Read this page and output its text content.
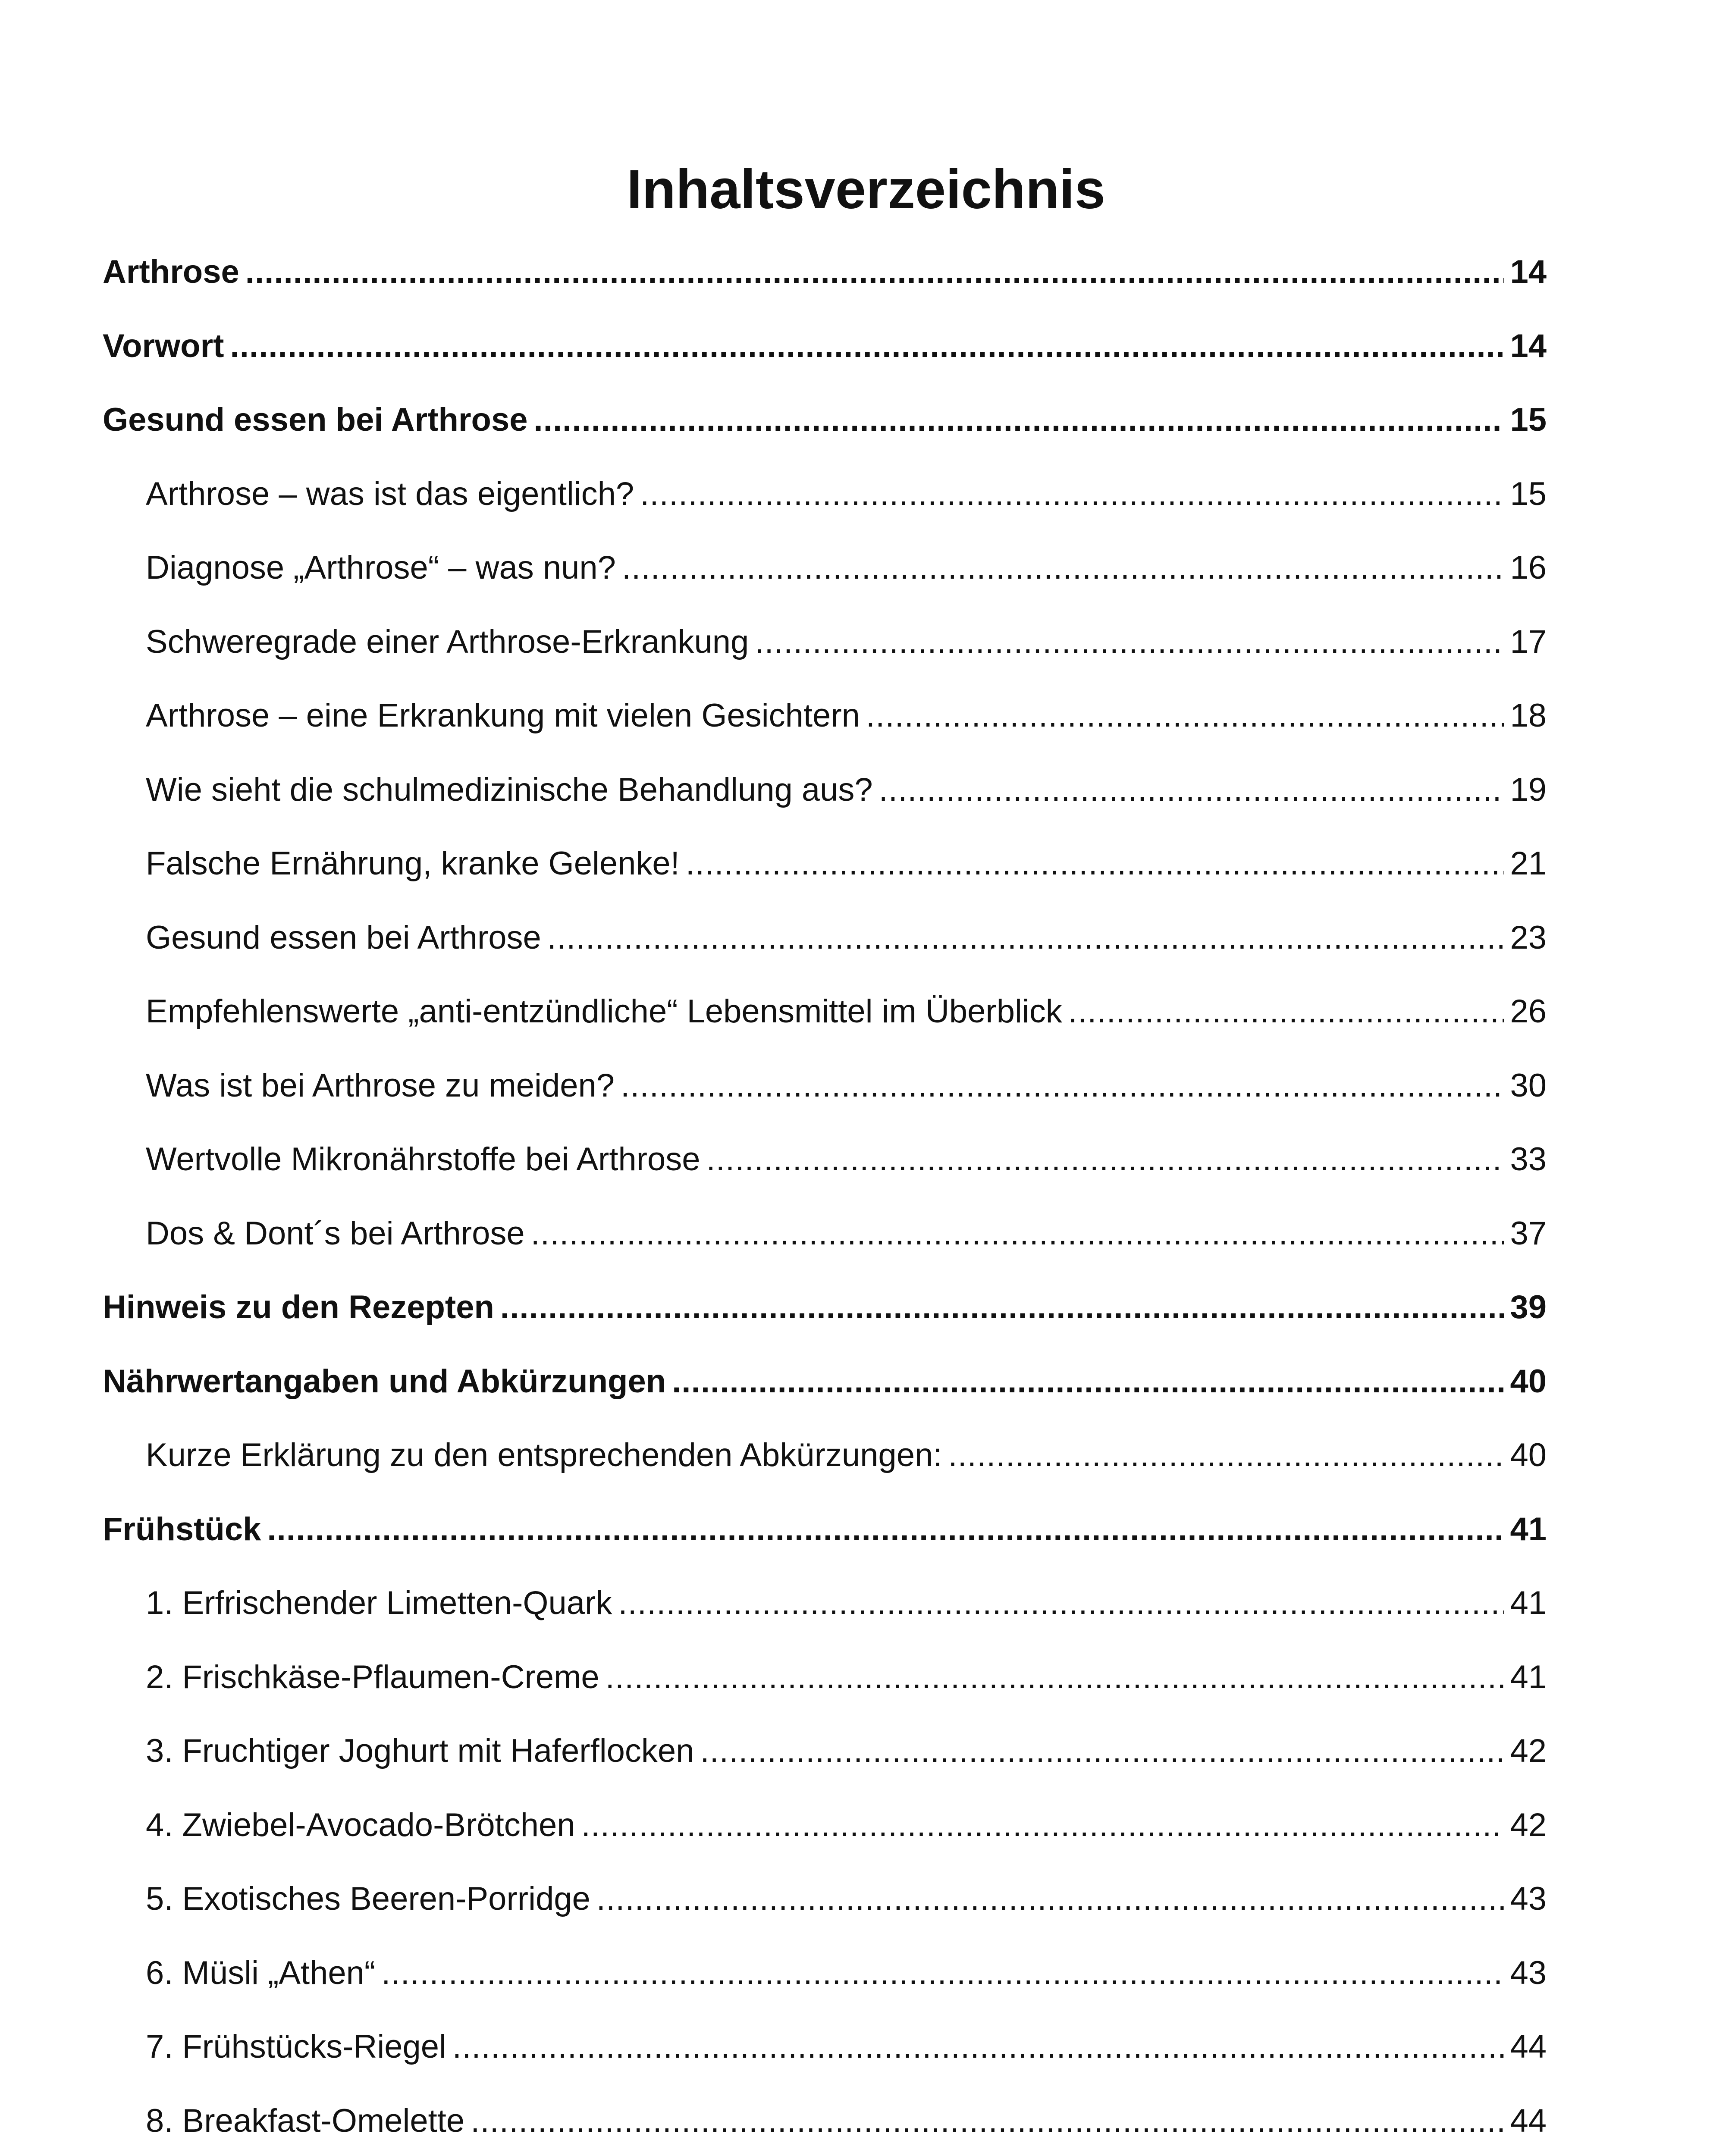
Inhaltsverzeichnis
Arthrose . . .	14
Vorwort . . .	14
Gesund essen bei Arthrose . . .	15
Arthrose – was ist das eigentlich? . . .	15
Diagnose „Arthrose“ – was nun? . . .	16
Schweregrade einer Arthrose-Erkrankung . . .	17
Arthrose – eine Erkrankung mit vielen Gesichtern . . .	18
Wie sieht die schulmedizinische Behandlung aus? . . .	19
Falsche Ernährung, kranke Gelenke! . . .	21
Gesund essen bei Arthrose . . .	23
Empfehlenswerte „anti-entzündliche“ Lebensmittel im Überblick . . .	26
Was ist bei Arthrose zu meiden? . . .	30
Wertvolle Mikronährstoffe bei Arthrose . . .	33
Dos & Dont´s bei Arthrose . . .	37
Hinweis zu den Rezepten . . .	39
Nährwertangaben und Abkürzungen . . .	40
Kurze Erklärung zu den entsprechenden Abkürzungen: . . .	40
Frühstück . . .	41
1. Erfrischender Limetten-Quark . . .	41
2. Frischkäse-Pflaumen-Creme . . .	41
3. Fruchtiger Joghurt mit Haferflocken . . .	42
4. Zwiebel-Avocado-Brötchen . . .	42
5. Exotisches Beeren-Porridge . . .	43
6. Müsli „Athen“ . . .	43
7. Frühstücks-Riegel . . .	44
8. Breakfast-Omelette . . .	44
